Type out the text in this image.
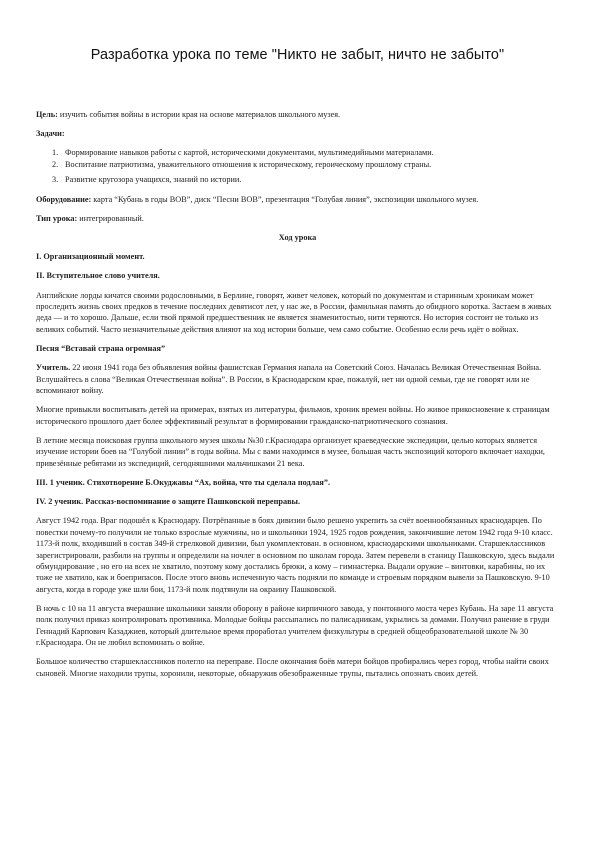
Разработка урока по теме "Никто не забыт, ничто не забыто"

Цель: изучить события войны в истории края на основе материалов школьного музея.

Задачи:

1. Формирование навыков работы с картой, историческими документами, мультимедийными материалами.
2. Воспитание патриотизма, уважительного отношения к историческому, героическому прошлому страны.
3. Развитие кругозора учащихся, знаний по истории.

Оборудование: карта “Кубань в годы ВОВ”, диск “Песни ВОВ”, презентация “Голубая линия”, экспозиции школьного музея.

Тип урока: интегрированный.

Ход урока

I. Организационный момент.

II. Вступительное слово учителя.

Английские лорды кичатся своими родословными, в Берлине, говорят, живет человек, который по документам и старинным хроникам может проследить жизнь своих предков в течение последних девятисот лет, у нас же, в России, фамильная память до обидного коротка. Застаем в живых деда — и то хорошо. Дальше, если твой прямой предшественник не является знаменитостью, нити теряются. Но история состоит не только из великих событий. Часто незначительные действия влияют на ход истории больше, чем само событие. Особенно если речь идёт о войнах.

Песня “Вставай страна огромная”

Учитель. 22 июня 1941 года без объявления войны фашистская Германия напала на Советский Союз. Началась Великая Отечественная Война. Вслушайтесь в слова “Великая Отечественная война”. В России, в Краснодарском крае, пожалуй, нет ни одной семьи, где не говорят или не вспоминают войну.

Многие привыкли воспитывать детей на примерах, взятых из литературы, фильмов, хроник времен войны. Но живое прикосновение к страницам исторического прошлого дает более эффективный результат в формировании гражданско-патриотического сознания.

В летние месяца поисковая группа школьного музея школы №30 г.Краснодара организует краеведческие экспедиции, целью которых является изучение истории боев на “Голубой линии” в годы войны. Мы с вами находимся в музее, большая часть экспозиций которого включает находки, привезённые ребятами из экспедиций, сегодняшними мальчишками 21 века.

III. 1 ученик. Стихотворение Б.Окуджавы “Ах, война, что ты сделала подлая”.

IV. 2 ученик. Рассказ-воспоминание о защите Пашковской переправы.

Август 1942 года. Враг подошёл к Краснодару. Потрёпанные в боях дивизии было решено укрепить за счёт военнообязанных краснодарцев. По повестки почему-то получили не только взрослые мужчины, но и школьники 1924, 1925 годов рождения, закончившие летом 1942 года 9-10 класс. 1173-й полк, входивший в состав 349-й стрелковой дивизии, был укомплектован. в основном, краснодарскими школьниками. Старшеклассников зарегистрировали, разбили на группы и определили на ночлег в основном по школам города. Затем перевели в станицу Пашковскую, здесь выдали обмундирование , но его на всех не хватило, поэтому кому достались брюки, а кому – гимнастерка. Выдали оружие – винтовки, карабины, но их тоже не хватило, как и боеприпасов. После этого вновь испеченную часть подняли по команде и строевым порядком вывели за Пашковскую. 9-10 августа, когда в городе уже шли бои, 1173-й полк подтянули на окраину Пашковской.

В ночь с 10 на 11 августа вчерашние школьники заняли оборону в районе кирпичного завода, у понтонного моста через Кубань. На заре 11 августа полк получил приказ контролировать противника. Молодые бойцы рассыпались по палисадникам, укрылись за домами. Получил ранение в груди Геннадий Карпович Казаджиев, который длительное время проработал учителем физкультуры в средней общеобразовательной школе № 30 г.Краснодара. Он не любил вспоминать о войне.

Большое количество старшеклассников полегло на переправе. После окончания боёв матери бойцов пробирались через город, чтобы найти своих сыновей. Многие находили трупы, хоронили, некоторые, обнаружив обезображенные трупы, пытались опознать своих детей.
